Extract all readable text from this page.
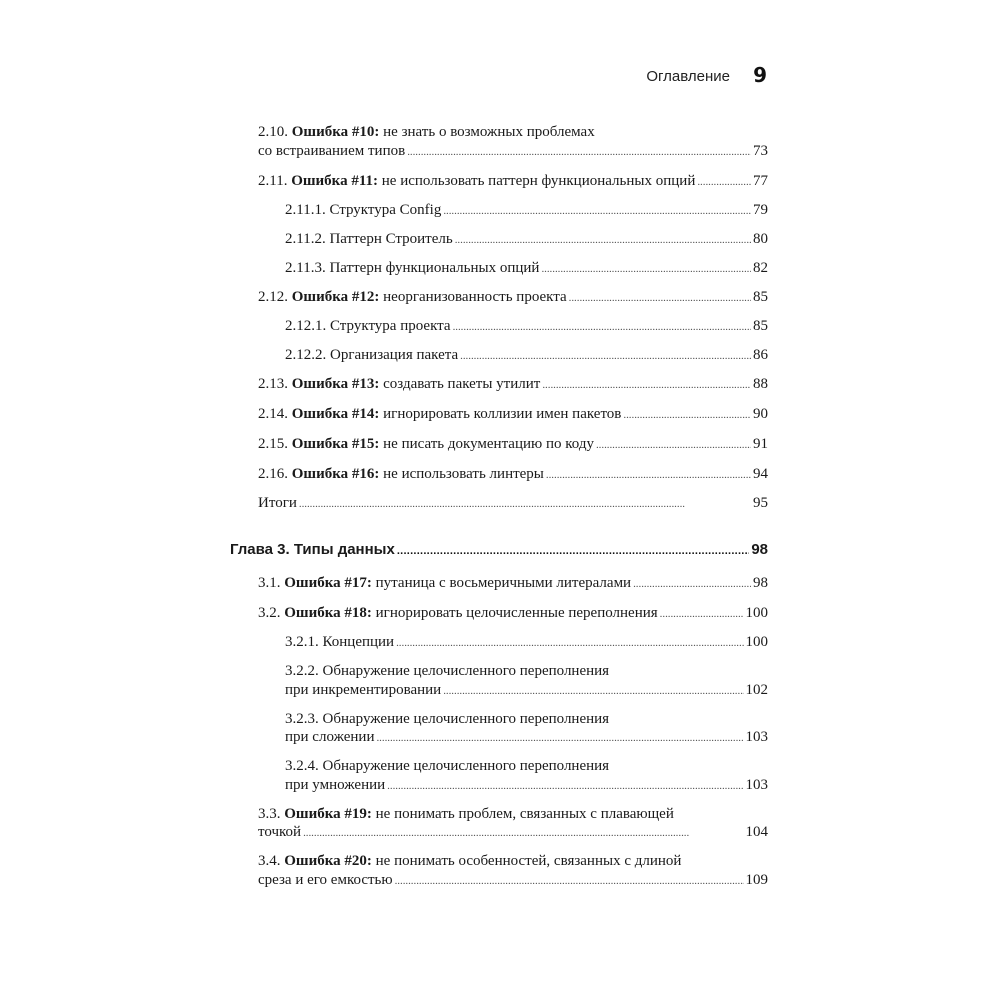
Оглавление 9
2.10. Ошибка #10: не знать о возможных проблемах
со встраиванием типов . . .	73
2.11. Ошибка #11: не использовать паттерн функциональных опций . . .	77
2.11.1. Структура Config . . .	79
2.11.2. Паттерн Строитель . . .	80
2.11.3. Паттерн функциональных опций . . .	82
2.12. Ошибка #12: неорганизованность проекта . . .	85
2.12.1. Структура проекта . . .	85
2.12.2. Организация пакета . . .	86
2.13. Ошибка #13: создавать пакеты утилит . . .	88
2.14. Ошибка #14: игнорировать коллизии имен пакетов . . .	90
2.15. Ошибка #15: не писать документацию по коду . . .	91
2.16. Ошибка #16: не использовать линтеры . . .	94
Итоги . . .	95
Глава 3. Типы данных . . .	98
3.1. Ошибка #17: путаница с восьмеричными литералами . . .	98
3.2. Ошибка #18: игнорировать целочисленные переполнения . . .	100
3.2.1. Концепции . . .	100
3.2.2. Обнаружение целочисленного переполнения
при инкрементировании . . .	102
3.2.3. Обнаружение целочисленного переполнения
при сложении . . .	103
3.2.4. Обнаружение целочисленного переполнения
при умножении . . .	103
3.3. Ошибка #19: не понимать проблем, связанных с плавающей
точкой . . .	104
3.4. Ошибка #20: не понимать особенностей, связанных с длиной
среза и его емкостью . . .	109
